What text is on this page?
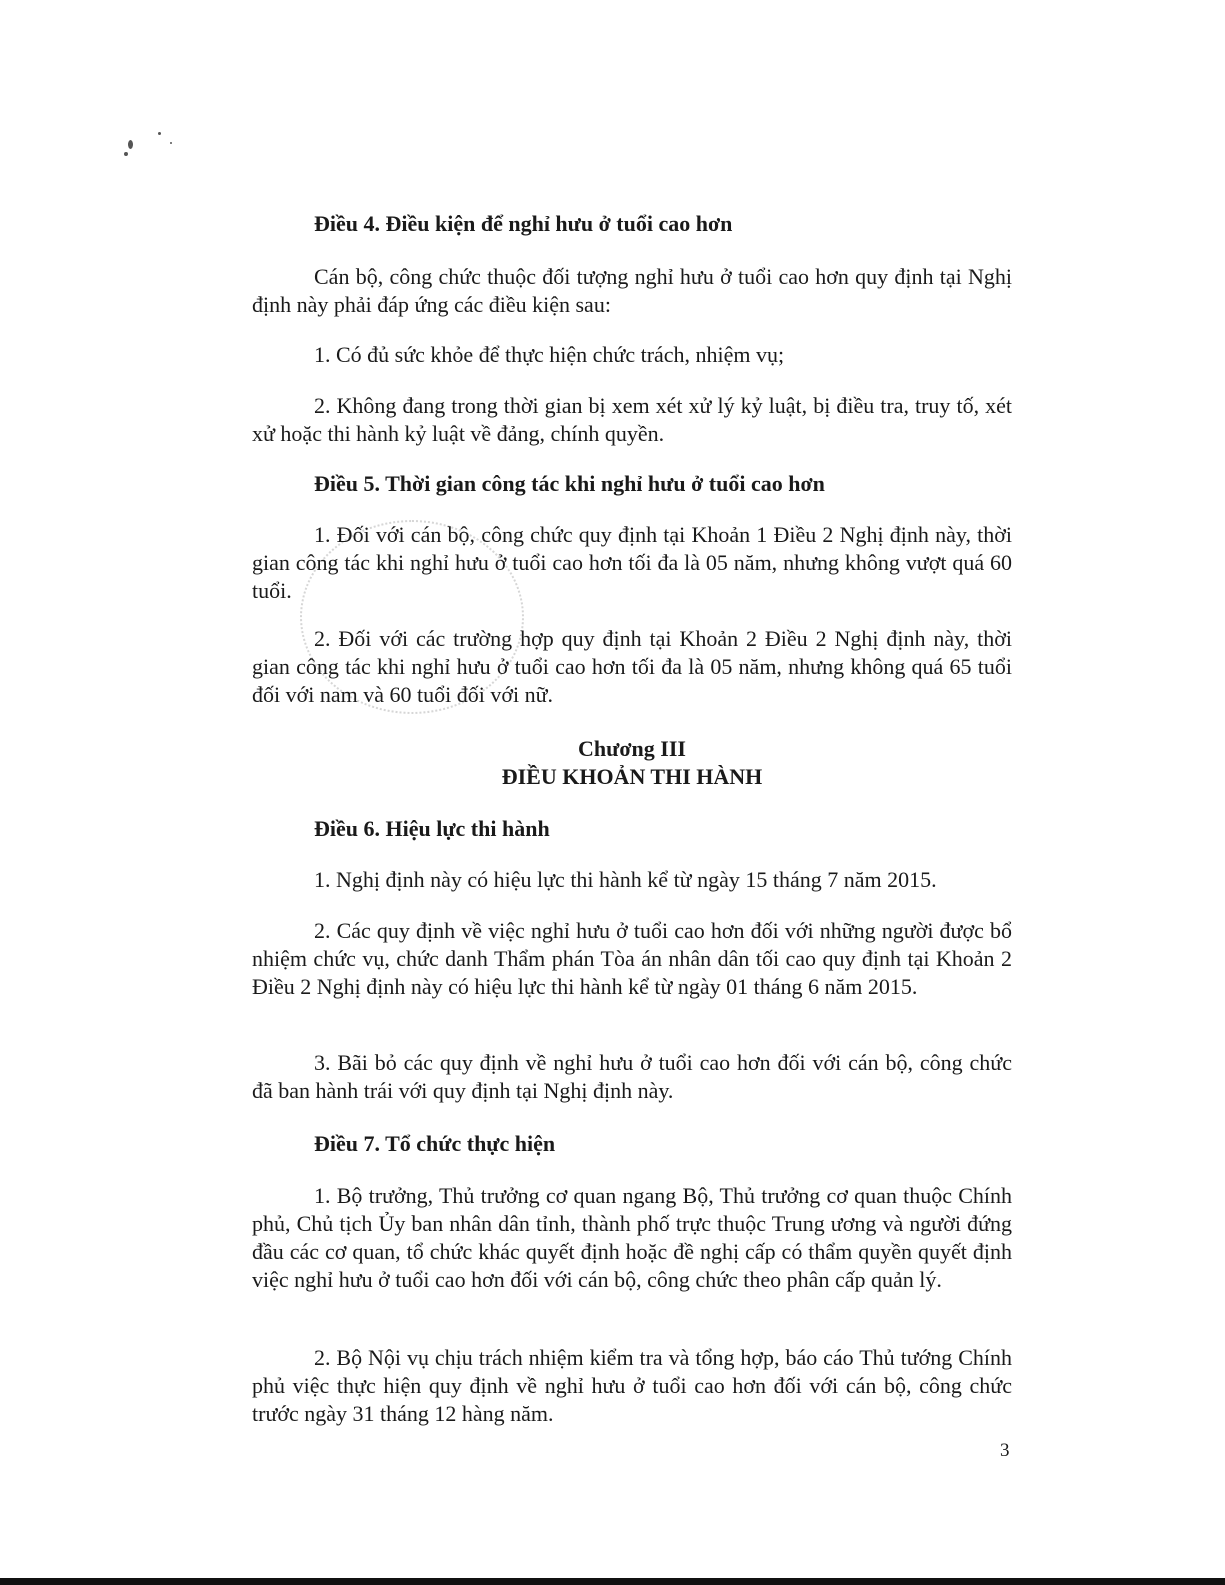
Điều 4. Điều kiện để nghỉ hưu ở tuổi cao hơn
Cán bộ, công chức thuộc đối tượng nghỉ hưu ở tuổi cao hơn quy định tại Nghị định này phải đáp ứng các điều kiện sau:
1. Có đủ sức khỏe để thực hiện chức trách, nhiệm vụ;
2. Không đang trong thời gian bị xem xét xử lý kỷ luật, bị điều tra, truy tố, xét xử hoặc thi hành kỷ luật về đảng, chính quyền.
Điều 5. Thời gian công tác khi nghỉ hưu ở tuổi cao hơn
1. Đối với cán bộ, công chức quy định tại Khoản 1 Điều 2 Nghị định này, thời gian công tác khi nghỉ hưu ở tuổi cao hơn tối đa là 05 năm, nhưng không vượt quá 60 tuổi.
2. Đối với các trường hợp quy định tại Khoản 2 Điều 2 Nghị định này, thời gian công tác khi nghỉ hưu ở tuổi cao hơn tối đa là 05 năm, nhưng không quá 65 tuổi đối với nam và 60 tuổi đối với nữ.
Chương III
ĐIỀU KHOẢN THI HÀNH
Điều 6. Hiệu lực thi hành
1. Nghị định này có hiệu lực thi hành kể từ ngày 15 tháng 7 năm 2015.
2. Các quy định về việc nghỉ hưu ở tuổi cao hơn đối với những người được bổ nhiệm chức vụ, chức danh Thẩm phán Tòa án nhân dân tối cao quy định tại Khoản 2 Điều 2 Nghị định này có hiệu lực thi hành kể từ ngày 01 tháng 6 năm 2015.
3. Bãi bỏ các quy định về nghỉ hưu ở tuổi cao hơn đối với cán bộ, công chức đã ban hành trái với quy định tại Nghị định này.
Điều 7. Tổ chức thực hiện
1. Bộ trưởng, Thủ trưởng cơ quan ngang Bộ, Thủ trưởng cơ quan thuộc Chính phủ, Chủ tịch Ủy ban nhân dân tỉnh, thành phố trực thuộc Trung ương và người đứng đầu các cơ quan, tổ chức khác quyết định hoặc đề nghị cấp có thẩm quyền quyết định việc nghỉ hưu ở tuổi cao hơn đối với cán bộ, công chức theo phân cấp quản lý.
2. Bộ Nội vụ chịu trách nhiệm kiểm tra và tổng hợp, báo cáo Thủ tướng Chính phủ việc thực hiện quy định về nghỉ hưu ở tuổi cao hơn đối với cán bộ, công chức trước ngày 31 tháng 12 hàng năm.
3
